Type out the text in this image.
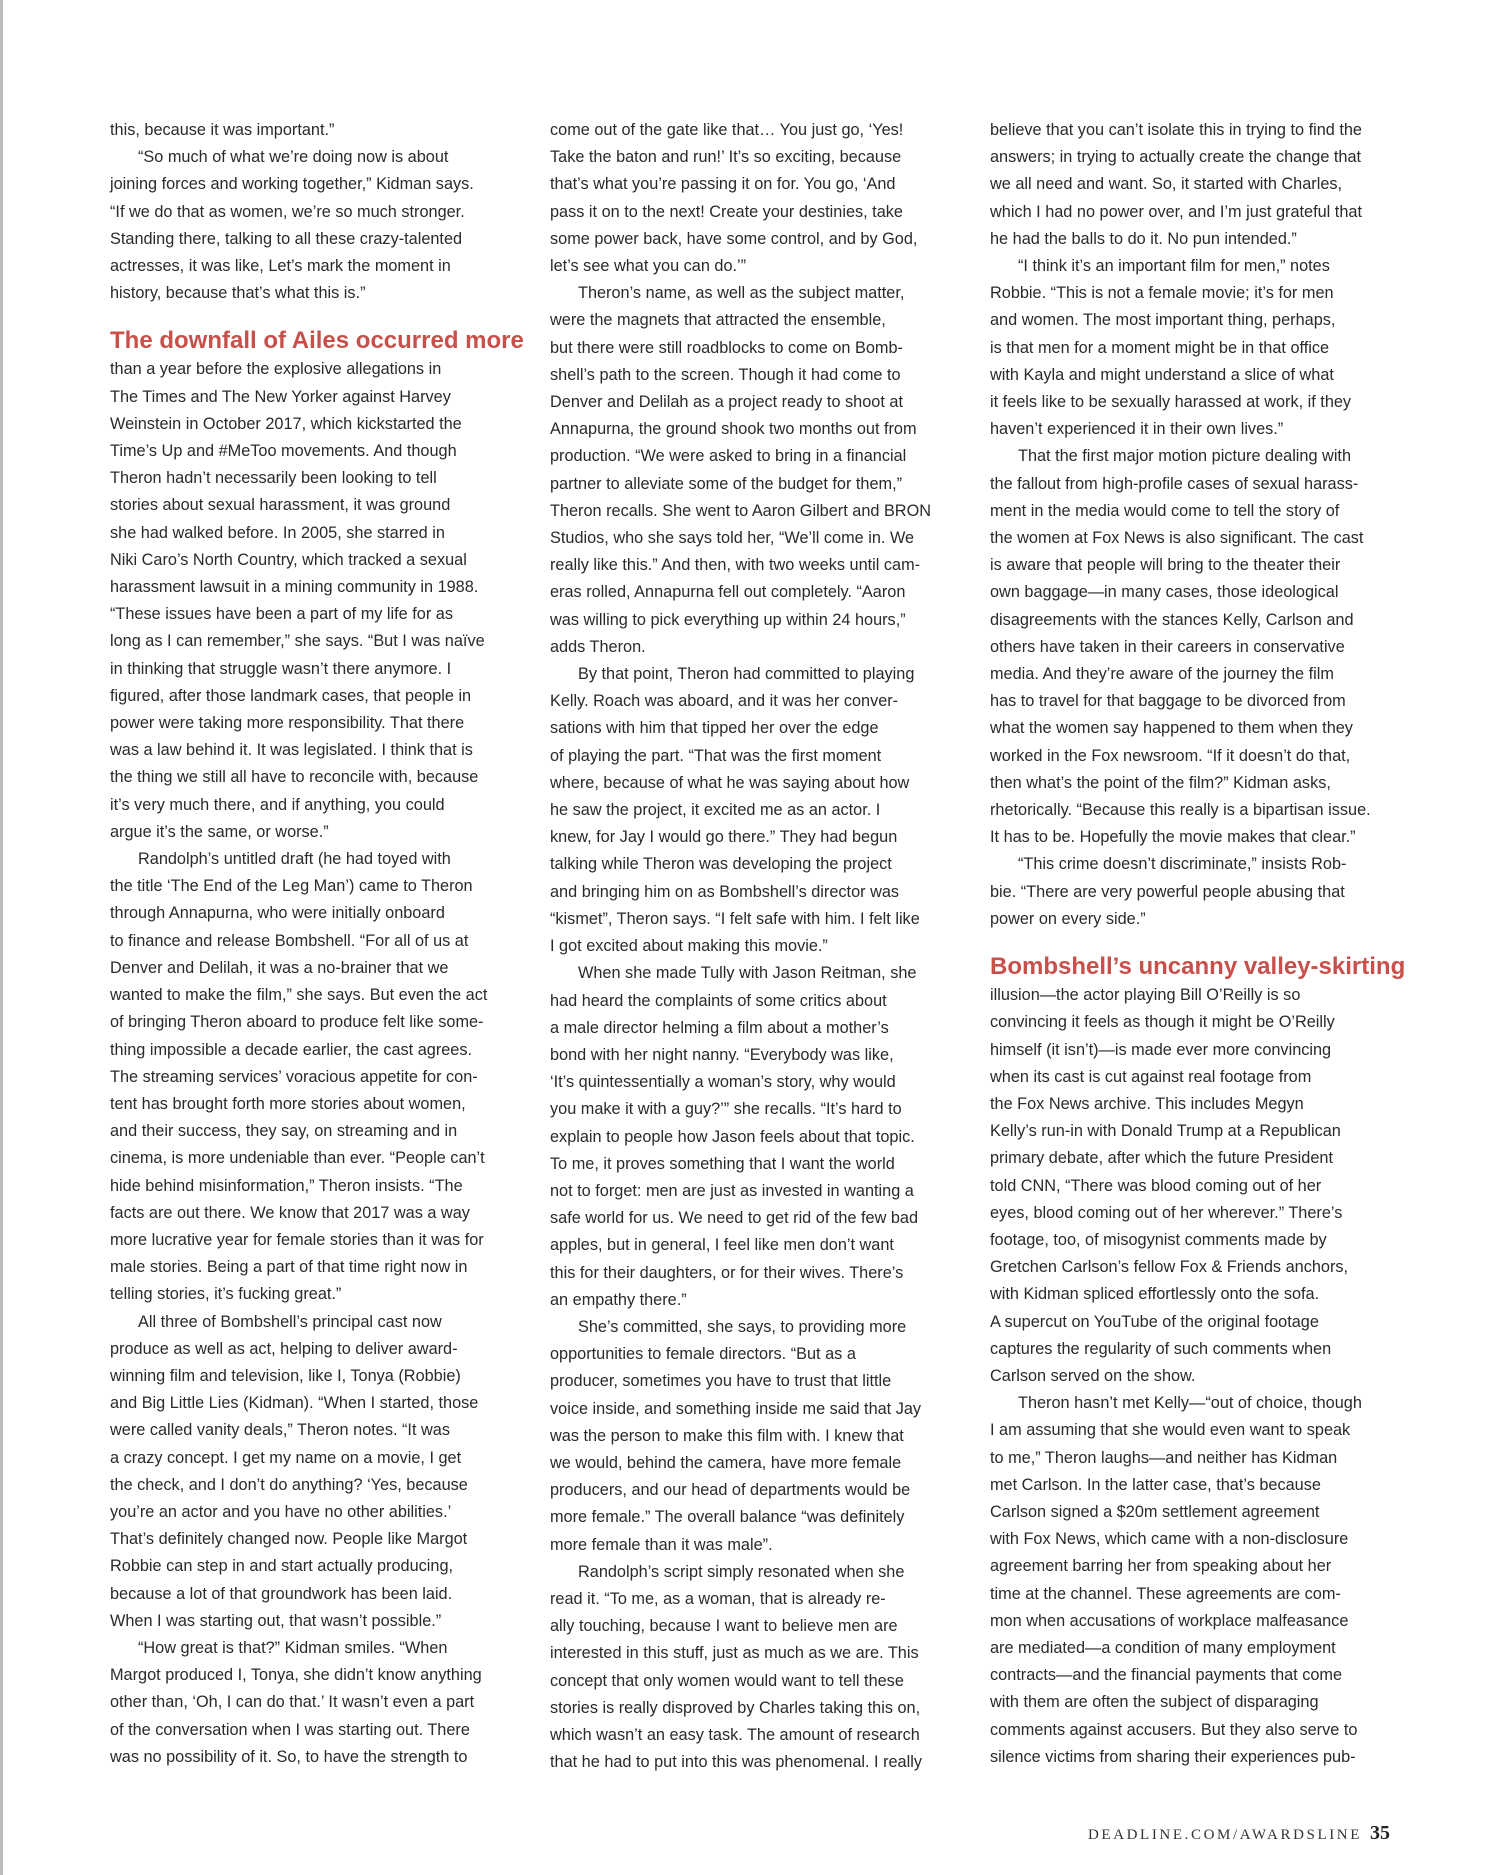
this, because it was important.”

“So much of what we’re doing now is about

joining forces and working together,” Kidman says.

“If we do that as women, we’re so much stronger.

Standing there, talking to all these crazy-talented

actresses, it was like, Let’s mark the moment in

history, because that’s what this is.”

The downfall of Ailes occurred more

than a year before the explosive allegations in

The Times and The New Yorker against Harvey

Weinstein in October 2017, which kickstarted the

Time’s Up and #MeToo movements. And though

Theron hadn’t necessarily been looking to tell

stories about sexual harassment, it was ground

she had walked before. In 2005, she starred in

Niki Caro’s North Country, which tracked a sexual

harassment lawsuit in a mining community in 1988.

“These issues have been a part of my life for as

long as I can remember,” she says. “But I was naïve

in thinking that struggle wasn’t there anymore. I

figured, after those landmark cases, that people in

power were taking more responsibility. That there

was a law behind it. It was legislated. I think that is

the thing we still all have to reconcile with, because

it’s very much there, and if anything, you could

argue it’s the same, or worse.”

Randolph’s untitled draft (he had toyed with

the title ‘The End of the Leg Man’) came to Theron

through Annapurna, who were initially onboard

to finance and release Bombshell. “For all of us at

Denver and Delilah, it was a no-brainer that we

wanted to make the film,” she says. But even the act

of bringing Theron aboard to produce felt like some-

thing impossible a decade earlier, the cast agrees.

The streaming services’ voracious appetite for con-

tent has brought forth more stories about women,

and their success, they say, on streaming and in

cinema, is more undeniable than ever. “People can’t

hide behind misinformation,” Theron insists. “The

facts are out there. We know that 2017 was a way

more lucrative year for female stories than it was for

male stories. Being a part of that time right now in

telling stories, it’s fucking great.”

All three of Bombshell’s principal cast now

produce as well as act, helping to deliver award-

winning film and television, like I, Tonya (Robbie)

and Big Little Lies (Kidman). “When I started, those

were called vanity deals,” Theron notes. “It was

a crazy concept. I get my name on a movie, I get

the check, and I don’t do anything? ‘Yes, because

you’re an actor and you have no other abilities.’

That’s definitely changed now. People like Margot

Robbie can step in and start actually producing,

because a lot of that groundwork has been laid.

When I was starting out, that wasn’t possible.”

“How great is that?” Kidman smiles. “When

Margot produced I, Tonya, she didn’t know anything

other than, ‘Oh, I can do that.’ It wasn’t even a part

of the conversation when I was starting out. There

was no possibility of it. So, to have the strength to

come out of the gate like that… You just go, ‘Yes!

Take the baton and run!’ It’s so exciting, because

that’s what you’re passing it on for. You go, ‘And

pass it on to the next! Create your destinies, take

some power back, have some control, and by God,

let’s see what you can do.’”

Theron’s name, as well as the subject matter,

were the magnets that attracted the ensemble,

but there were still roadblocks to come on Bomb-

shell’s path to the screen. Though it had come to

Denver and Delilah as a project ready to shoot at

Annapurna, the ground shook two months out from

production. “We were asked to bring in a financial

partner to alleviate some of the budget for them,”

Theron recalls. She went to Aaron Gilbert and BRON

Studios, who she says told her, “We’ll come in. We

really like this.” And then, with two weeks until cam-

eras rolled, Annapurna fell out completely. “Aaron

was willing to pick everything up within 24 hours,”

adds Theron.

By that point, Theron had committed to playing

Kelly. Roach was aboard, and it was her conver-

sations with him that tipped her over the edge

of playing the part. “That was the first moment

where, because of what he was saying about how

he saw the project, it excited me as an actor. I

knew, for Jay I would go there.” They had begun

talking while Theron was developing the project

and bringing him on as Bombshell’s director was

“kismet”, Theron says. “I felt safe with him. I felt like

I got excited about making this movie.”

When she made Tully with Jason Reitman, she

had heard the complaints of some critics about

a male director helming a film about a mother’s

bond with her night nanny. “Everybody was like,

‘It’s quintessentially a woman’s story, why would

you make it with a guy?’” she recalls. “It’s hard to

explain to people how Jason feels about that topic.

To me, it proves something that I want the world

not to forget: men are just as invested in wanting a

safe world for us. We need to get rid of the few bad

apples, but in general, I feel like men don’t want

this for their daughters, or for their wives. There’s

an empathy there.”

She’s committed, she says, to providing more

opportunities to female directors. “But as a

producer, sometimes you have to trust that little

voice inside, and something inside me said that Jay

was the person to make this film with. I knew that

we would, behind the camera, have more female

producers, and our head of departments would be

more female.” The overall balance “was definitely

more female than it was male”.

Randolph’s script simply resonated when she

read it. “To me, as a woman, that is already re-

ally touching, because I want to believe men are

interested in this stuff, just as much as we are. This

concept that only women would want to tell these

stories is really disproved by Charles taking this on,

which wasn’t an easy task. The amount of research

that he had to put into this was phenomenal. I really

believe that you can’t isolate this in trying to find the

answers; in trying to actually create the change that

we all need and want. So, it started with Charles,

which I had no power over, and I’m just grateful that

he had the balls to do it. No pun intended.”

“I think it’s an important film for men,” notes

Robbie. “This is not a female movie; it’s for men

and women. The most important thing, perhaps,

is that men for a moment might be in that office

with Kayla and might understand a slice of what

it feels like to be sexually harassed at work, if they

haven’t experienced it in their own lives.”

That the first major motion picture dealing with

the fallout from high-profile cases of sexual harass-

ment in the media would come to tell the story of

the women at Fox News is also significant. The cast

is aware that people will bring to the theater their

own baggage—in many cases, those ideological

disagreements with the stances Kelly, Carlson and

others have taken in their careers in conservative

media. And they’re aware of the journey the film

has to travel for that baggage to be divorced from

what the women say happened to them when they

worked in the Fox newsroom. “If it doesn’t do that,

then what’s the point of the film?” Kidman asks,

rhetorically. “Because this really is a bipartisan issue.

It has to be. Hopefully the movie makes that clear.”

“This crime doesn’t discriminate,” insists Rob-

bie. “There are very powerful people abusing that

power on every side.”

Bombshell’s uncanny valley-skirting

illusion—the actor playing Bill O’Reilly is so

convincing it feels as though it might be O’Reilly

himself (it isn’t)—is made ever more convincing

when its cast is cut against real footage from

the Fox News archive. This includes Megyn

Kelly’s run-in with Donald Trump at a Republican

primary debate, after which the future President

told CNN, “There was blood coming out of her

eyes, blood coming out of her wherever.” There’s

footage, too, of misogynist comments made by

Gretchen Carlson’s fellow Fox & Friends anchors,

with Kidman spliced effortlessly onto the sofa.

A supercut on YouTube of the original footage

captures the regularity of such comments when

Carlson served on the show.

Theron hasn’t met Kelly—“out of choice, though

I am assuming that she would even want to speak

to me,” Theron laughs—and neither has Kidman

met Carlson. In the latter case, that’s because

Carlson signed a $20m settlement agreement

with Fox News, which came with a non-disclosure

agreement barring her from speaking about her

time at the channel. These agreements are com-

mon when accusations of workplace malfeasance

are mediated—a condition of many employment

contracts—and the financial payments that come

with them are often the subject of disparaging

comments against accusers. But they also serve to

silence victims from sharing their experiences pub-

DEADLINE.COM/AWARDSLINE 35
